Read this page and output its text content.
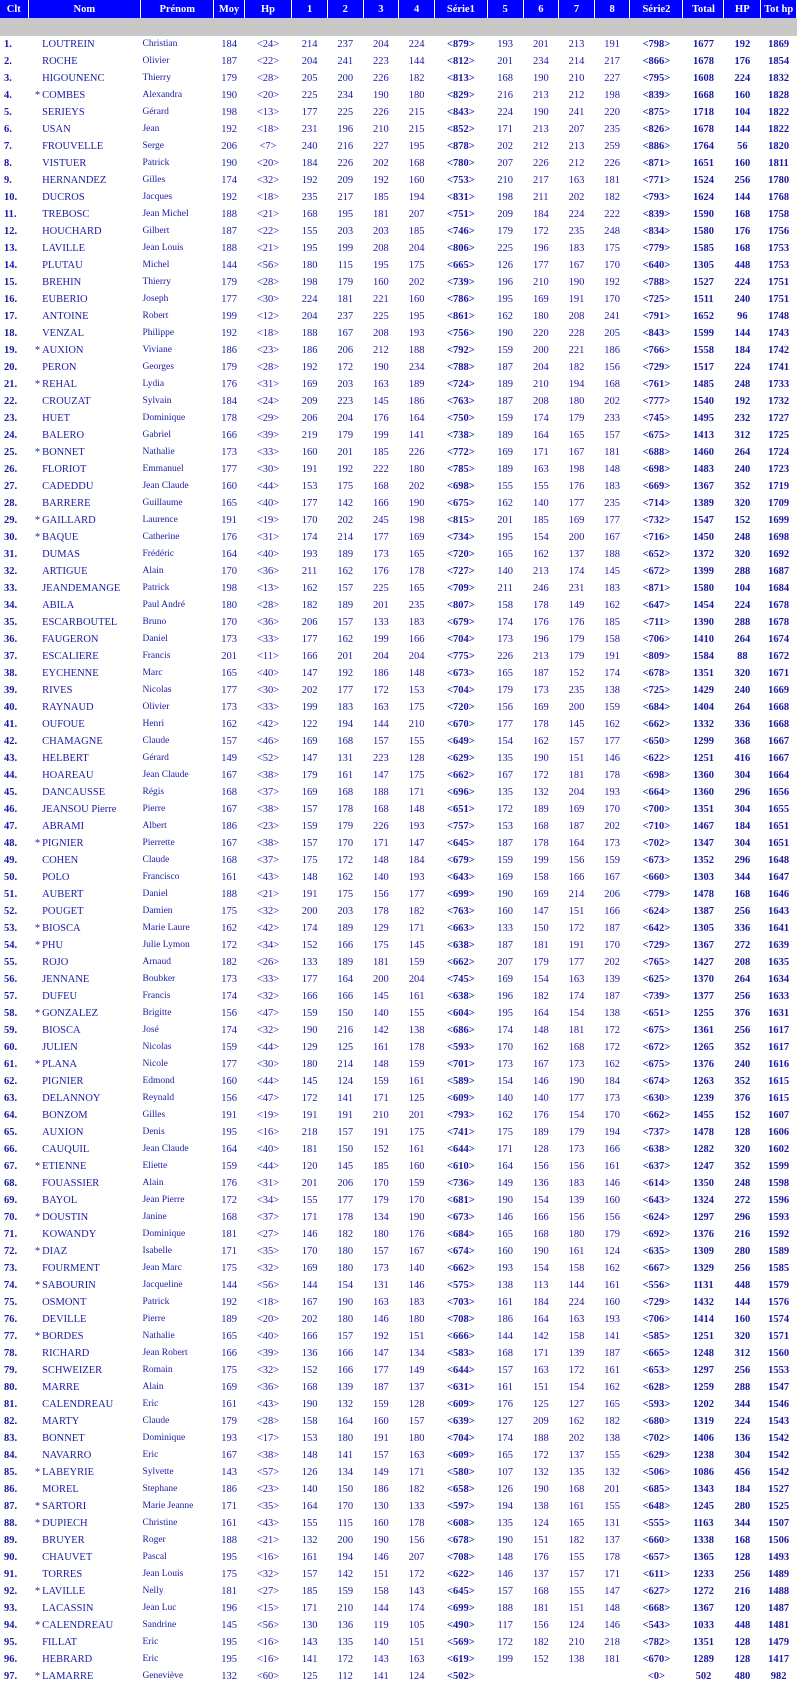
Clt	Nom	Prénom	Moy	Hp	1	2	3	4	Série1	5	6	7	8	Série2	Total	HP	Tot hp

1.	LOUTREIN	Christian	184	<24>	214	237	204	224	<879>	193	201	213	191	<798>	1677	192	1869
2.	ROCHE	Olivier	187	<22>	204	241	223	144	<812>	201	234	214	217	<866>	1678	176	1854
3.	HIGOUNENC	Thierry	179	<28>	205	200	226	182	<813>	168	190	210	227	<795>	1608	224	1832
4.	* COMBES	Alexandra	190	<20>	225	234	190	180	<829>	216	213	212	198	<839>	1668	160	1828
5.	SERIEYS	Gérard	198	<13>	177	225	226	215	<843>	224	190	241	220	<875>	1718	104	1822
6.	USAN	Jean	192	<18>	231	196	210	215	<852>	171	213	207	235	<826>	1678	144	1822
7.	FROUVELLE	Serge	206	<7>	240	216	227	195	<878>	202	212	213	259	<886>	1764	56	1820
8.	VISTUER	Patrick	190	<20>	184	226	202	168	<780>	207	226	212	226	<871>	1651	160	1811
9.	HERNANDEZ	Gilles	174	<32>	192	209	192	160	<753>	210	217	163	181	<771>	1524	256	1780
10.	DUCROS	Jacques	192	<18>	235	217	185	194	<831>	198	211	202	182	<793>	1624	144	1768
11.	TREBOSC	Jean Michel	188	<21>	168	195	181	207	<751>	209	184	224	222	<839>	1590	168	1758
12.	HOUCHARD	Gilbert	187	<22>	155	203	203	185	<746>	179	172	235	248	<834>	1580	176	1756
13.	LAVILLE	Jean Louis	188	<21>	195	199	208	204	<806>	225	196	183	175	<779>	1585	168	1753
14.	PLUTAU	Michel	144	<56>	180	115	195	175	<665>	126	177	167	170	<640>	1305	448	1753
15.	BREHIN	Thierry	179	<28>	198	179	160	202	<739>	196	210	190	192	<788>	1527	224	1751
16.	EUBERIO	Joseph	177	<30>	224	181	221	160	<786>	195	169	191	170	<725>	1511	240	1751
17.	ANTOINE	Robert	199	<12>	204	237	225	195	<861>	162	180	208	241	<791>	1652	96	1748
18.	VENZAL	Philippe	192	<18>	188	167	208	193	<756>	190	220	228	205	<843>	1599	144	1743
19.	* AUXION	Viviane	186	<23>	186	206	212	188	<792>	159	200	221	186	<766>	1558	184	1742
20.	PERON	Georges	179	<28>	192	172	190	234	<788>	187	204	182	156	<729>	1517	224	1741
21.	* REHAL	Lydia	176	<31>	169	203	163	189	<724>	189	210	194	168	<761>	1485	248	1733
22.	CROUZAT	Sylvain	184	<24>	209	223	145	186	<763>	187	208	180	202	<777>	1540	192	1732
23.	HUET	Dominique	178	<29>	206	204	176	164	<750>	159	174	179	233	<745>	1495	232	1727
24.	BALERO	Gabriel	166	<39>	219	179	199	141	<738>	189	164	165	157	<675>	1413	312	1725
25.	* BONNET	Nathalie	173	<33>	160	201	185	226	<772>	169	171	167	181	<688>	1460	264	1724
26.	FLORIOT	Emmanuel	177	<30>	191	192	222	180	<785>	189	163	198	148	<698>	1483	240	1723
27.	CADEDDU	Jean Claude	160	<44>	153	175	168	202	<698>	155	155	176	183	<669>	1367	352	1719
28.	BARRERE	Guillaume	165	<40>	177	142	166	190	<675>	162	140	177	235	<714>	1389	320	1709
29.	* GAILLARD	Laurence	191	<19>	170	202	245	198	<815>	201	185	169	177	<732>	1547	152	1699
30.	* BAQUE	Catherine	176	<31>	174	214	177	169	<734>	195	154	200	167	<716>	1450	248	1698
31.	DUMAS	Frédéric	164	<40>	193	189	173	165	<720>	165	162	137	188	<652>	1372	320	1692
32.	ARTIGUE	Alain	170	<36>	211	162	176	178	<727>	140	213	174	145	<672>	1399	288	1687
33.	JEANDEMANGE	Patrick	198	<13>	162	157	225	165	<709>	211	246	231	183	<871>	1580	104	1684
34.	ABILA	Paul André	180	<28>	182	189	201	235	<807>	158	178	149	162	<647>	1454	224	1678
35.	ESCARBOUTEL	Bruno	170	<36>	206	157	133	183	<679>	174	176	176	185	<711>	1390	288	1678
36.	FAUGERON	Daniel	173	<33>	177	162	199	166	<704>	173	196	179	158	<706>	1410	264	1674
37.	ESCALIERE	Francis	201	<11>	166	201	204	204	<775>	226	213	179	191	<809>	1584	88	1672
38.	EYCHENNE	Marc	165	<40>	147	192	186	148	<673>	165	187	152	174	<678>	1351	320	1671
39.	RIVES	Nicolas	177	<30>	202	177	172	153	<704>	179	173	235	138	<725>	1429	240	1669
40.	RAYNAUD	Olivier	173	<33>	199	183	163	175	<720>	156	169	200	159	<684>	1404	264	1668
41.	OUFOUE	Henri	162	<42>	122	194	144	210	<670>	177	178	145	162	<662>	1332	336	1668
42.	CHAMAGNE	Claude	157	<46>	169	168	157	155	<649>	154	162	157	177	<650>	1299	368	1667
43.	HELBERT	Gérard	149	<52>	147	131	223	128	<629>	135	190	151	146	<622>	1251	416	1667
44.	HOAREAU	Jean Claude	167	<38>	179	161	147	175	<662>	167	172	181	178	<698>	1360	304	1664
45.	DANCAUSSE	Régis	168	<37>	169	168	188	171	<696>	135	132	204	193	<664>	1360	296	1656
46.	JEANSOU Pierre	Pierre	167	<38>	157	178	168	148	<651>	172	189	169	170	<700>	1351	304	1655
47.	ABRAMI	Albert	186	<23>	159	179	226	193	<757>	153	168	187	202	<710>	1467	184	1651
48.	* PIGNIER	Pierrette	167	<38>	157	170	171	147	<645>	187	178	164	173	<702>	1347	304	1651
49.	COHEN	Claude	168	<37>	175	172	148	184	<679>	159	199	156	159	<673>	1352	296	1648
50.	POLO	Francisco	161	<43>	148	162	140	193	<643>	169	158	166	167	<660>	1303	344	1647
51.	AUBERT	Daniel	188	<21>	191	175	156	177	<699>	190	169	214	206	<779>	1478	168	1646
52.	POUGET	Damien	175	<32>	200	203	178	182	<763>	160	147	151	166	<624>	1387	256	1643
53.	* BIOSCA	Marie Laure	162	<42>	174	189	129	171	<663>	133	150	172	187	<642>	1305	336	1641
54.	* PHU	Julie Lymon	172	<34>	152	166	175	145	<638>	187	181	191	170	<729>	1367	272	1639
55.	ROJO	Arnaud	182	<26>	133	189	181	159	<662>	207	179	177	202	<765>	1427	208	1635
56.	JENNANE	Boubker	173	<33>	177	164	200	204	<745>	169	154	163	139	<625>	1370	264	1634
57.	DUFEU	Francis	174	<32>	166	166	145	161	<638>	196	182	174	187	<739>	1377	256	1633
58.	* GONZALEZ	Brigitte	156	<47>	159	150	140	155	<604>	195	164	154	138	<651>	1255	376	1631
59.	BIOSCA	José	174	<32>	190	216	142	138	<686>	174	148	181	172	<675>	1361	256	1617
60.	JULIEN	Nicolas	159	<44>	129	125	161	178	<593>	170	162	168	172	<672>	1265	352	1617
61.	* PLANA	Nicole	177	<30>	180	214	148	159	<701>	173	167	173	162	<675>	1376	240	1616
62.	PIGNIER	Edmond	160	<44>	145	124	159	161	<589>	154	146	190	184	<674>	1263	352	1615
63.	DELANNOY	Reynald	156	<47>	172	141	171	125	<609>	140	140	177	173	<630>	1239	376	1615
64.	BONZOM	Gilles	191	<19>	191	191	210	201	<793>	162	176	154	170	<662>	1455	152	1607
65.	AUXION	Denis	195	<16>	218	157	191	175	<741>	175	189	179	194	<737>	1478	128	1606
66.	CAUQUIL	Jean Claude	164	<40>	181	150	152	161	<644>	171	128	173	166	<638>	1282	320	1602
67.	* ETIENNE	Eliette	159	<44>	120	145	185	160	<610>	164	156	156	161	<637>	1247	352	1599
68.	FOUASSIER	Alain	176	<31>	201	206	170	159	<736>	149	136	183	146	<614>	1350	248	1598
69.	BAYOL	Jean Pierre	172	<34>	155	177	179	170	<681>	190	154	139	160	<643>	1324	272	1596
70.	* DOUSTIN	Janine	168	<37>	171	178	134	190	<673>	146	166	156	156	<624>	1297	296	1593
71.	KOWANDY	Dominique	181	<27>	146	182	180	176	<684>	165	168	180	179	<692>	1376	216	1592
72.	* DIAZ	Isabelle	171	<35>	170	180	157	167	<674>	160	190	161	124	<635>	1309	280	1589
73.	FOURMENT	Jean Marc	175	<32>	169	180	173	140	<662>	193	154	158	162	<667>	1329	256	1585
74.	* SABOURIN	Jacqueline	144	<56>	144	154	131	146	<575>	138	113	144	161	<556>	1131	448	1579
75.	OSMONT	Patrick	192	<18>	167	190	163	183	<703>	161	184	224	160	<729>	1432	144	1576
76.	DEVILLE	Pierre	189	<20>	202	180	146	180	<708>	186	164	163	193	<706>	1414	160	1574
77.	* BORDES	Nathalie	165	<40>	166	157	192	151	<666>	144	142	158	141	<585>	1251	320	1571
78.	RICHARD	Jean Robert	166	<39>	136	166	147	134	<583>	168	171	139	187	<665>	1248	312	1560
79.	SCHWEIZER	Romain	175	<32>	152	166	177	149	<644>	157	163	172	161	<653>	1297	256	1553
80.	MARRE	Alain	169	<36>	168	139	187	137	<631>	161	151	154	162	<628>	1259	288	1547
81.	CALENDREAU	Eric	161	<43>	190	132	159	128	<609>	176	125	127	165	<593>	1202	344	1546
82.	MARTY	Claude	179	<28>	158	164	160	157	<639>	127	209	162	182	<680>	1319	224	1543
83.	BONNET	Dominique	193	<17>	153	180	191	180	<704>	174	188	202	138	<702>	1406	136	1542
84.	NAVARRO	Eric	167	<38>	148	141	157	163	<609>	165	172	137	155	<629>	1238	304	1542
85.	* LABEYRIE	Sylvette	143	<57>	126	134	149	171	<580>	107	132	135	132	<506>	1086	456	1542
86.	MOREL	Stephane	186	<23>	140	150	186	182	<658>	126	190	168	201	<685>	1343	184	1527
87.	* SARTORI	Marie Jeanne	171	<35>	164	170	130	133	<597>	194	138	161	155	<648>	1245	280	1525
88.	* DUPIECH	Christine	161	<43>	155	115	160	178	<608>	135	124	165	131	<555>	1163	344	1507
89.	BRUYER	Roger	188	<21>	132	200	190	156	<678>	190	151	182	137	<660>	1338	168	1506
90.	CHAUVET	Pascal	195	<16>	161	194	146	207	<708>	148	176	155	178	<657>	1365	128	1493
91.	TORRES	Jean Louis	175	<32>	157	142	151	172	<622>	146	137	157	171	<611>	1233	256	1489
92.	* LAVILLE	Nelly	181	<27>	185	159	158	143	<645>	157	168	155	147	<627>	1272	216	1488
93.	LACASSIN	Jean Luc	196	<15>	171	210	144	174	<699>	188	181	151	148	<668>	1367	120	1487
94.	* CALENDREAU	Sandrine	145	<56>	130	136	119	105	<490>	117	156	124	146	<543>	1033	448	1481
95.	FILLAT	Eric	195	<16>	143	135	140	151	<569>	172	182	210	218	<782>	1351	128	1479
96.	HEBRARD	Eric	195	<16>	141	172	143	163	<619>	199	152	138	181	<670>	1289	128	1417
97.	* LAMARRE	Geneviève	132	<60>	125	112	141	124	<502>					<0>	502	480	982
